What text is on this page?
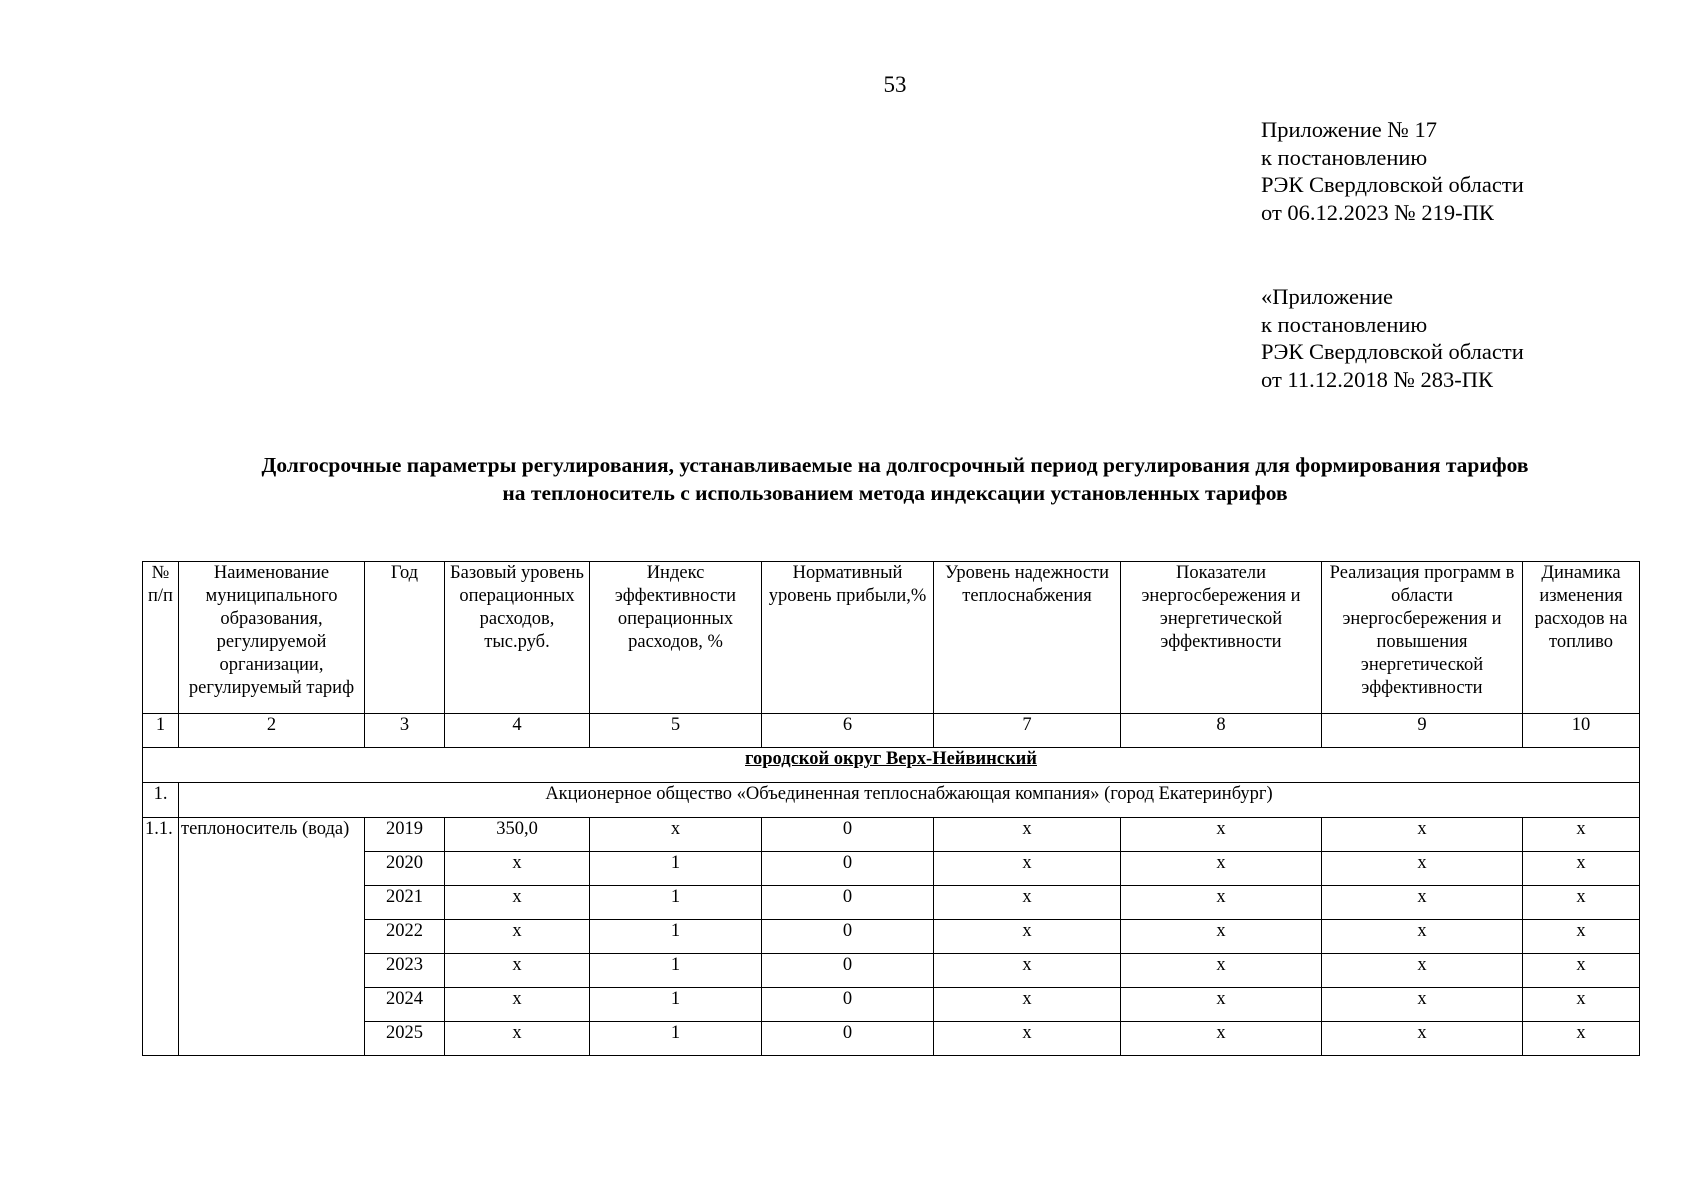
53
Приложение № 17
к постановлению
РЭК Свердловской области
от 06.12.2023 № 219-ПК
«Приложение
к постановлению
РЭК Свердловской области
от 11.12.2018 № 283-ПК
Долгосрочные параметры регулирования, устанавливаемые на долгосрочный период регулирования для формирования тарифов
на теплоноситель с использованием метода индексации установленных тарифов
№ п/п	Наименование муниципального образования, регулируемой организации, регулируемый тариф	Год	Базовый уровень операционных расходов, тыс.руб.	Индекс эффективности операционных расходов, %	Нормативный уровень прибыли,%	Уровень надежности теплоснабжения	Показатели энергосбережения и энергетической эффективности	Реализация программ в области энергосбережения и повышения энергетической эффективности	Динамика изменения расходов на топливо
1	2	3	4	5	6	7	8	9	10
городской округ Верх-Нейвинский									
1.	Акционерное общество «Объединенная теплоснабжающая компания» (город Екатеринбург)								
1.1.	теплоноситель (вода)	2019	350,0	х	0	х	х	х	х
		2020	х	1	0	х	х	х	х
		2021	х	1	0	х	х	х	х
		2022	х	1	0	х	х	х	х
		2023	х	1	0	х	х	х	х
		2024	х	1	0	х	х	х	х
		2025	х	1	0	х	х	х	х
